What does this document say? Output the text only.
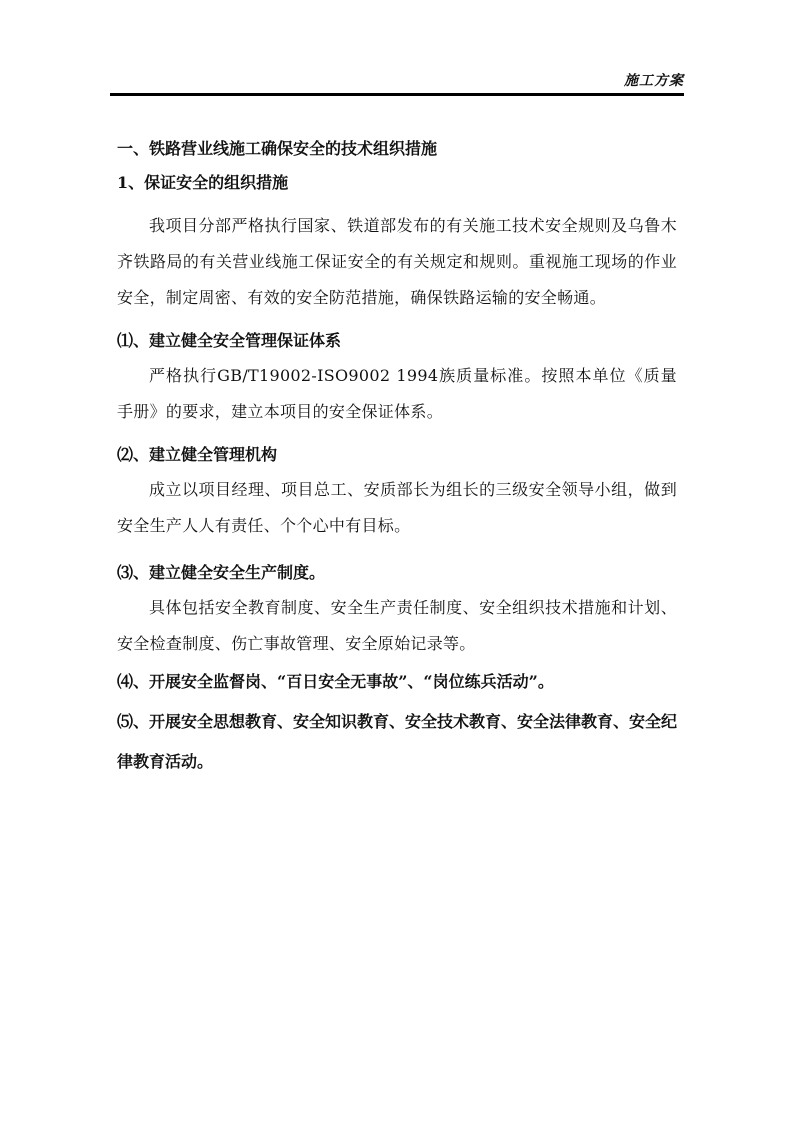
施工方案
一、铁路营业线施工确保安全的技术组织措施
1、保证安全的组织措施

我项目分部严格执行国家、铁道部发布的有关施工技术安全规则及乌鲁木齐铁路局的有关营业线施工保证安全的有关规定和规则。重视施工现场的作业安全，制定周密、有效的安全防范措施，确保铁路运输的安全畅通。

⑴、建立健全安全管理保证体系

严格执行GB/T19002-ISO9002 1994族质量标准。按照本单位《质量手册》的要求，建立本项目的安全保证体系。

⑵、建立健全管理机构

成立以项目经理、项目总工、安质部长为组长的三级安全领导小组，做到安全生产人人有责任、个个心中有目标。

⑶、建立健全安全生产制度。

具体包括安全教育制度、安全生产责任制度、安全组织技术措施和计划、安全检查制度、伤亡事故管理、安全原始记录等。

⑷、开展安全监督岗、“百日安全无事故”、“岗位练兵活动”。

⑸、开展安全思想教育、安全知识教育、安全技术教育、安全法律教育、安全纪律教育活动。
